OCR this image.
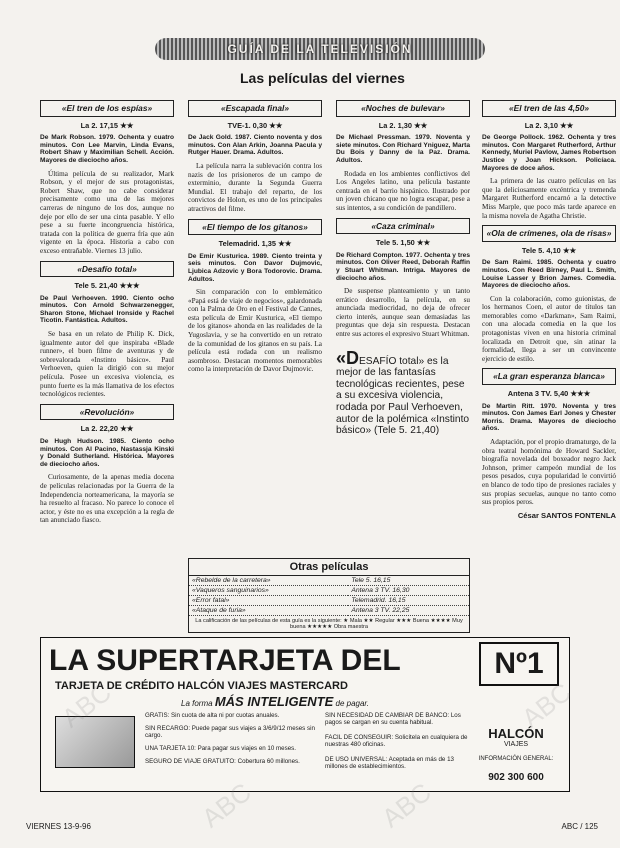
GUÍA DE LA TELEVISIÓN
Las películas del viernes
«El tren de los espías»
La 2. 17,15 ★★
De Mark Robson. 1979. Ochenta y cuatro minutos. Con Lee Marvin, Linda Evans, Robert Shaw y Maximilian Schell. Acción. Mayores de dieciocho años.
Última película de su realizador, Mark Robson, y el mejor de sus protagonistas, Robert Shaw, que no cabe considerar precisamente como una de las mejores carreras de ninguno de los dos, aunque no deje por ello de ser una cinta pasable. Y ello pese a su fuerte incongruencia histórica, tratada con la política de guerra fría que aún vigente en la época. Historia a cabo con exceso entrañable. Viernes 13 julio.
«Desafío total»
Tele 5. 21,40 ★★★
De Paul Verhoeven. 1990. Ciento ocho minutos. Con Arnold Schwarzenegger, Sharon Stone, Michael Ironside y Rachel Ticotin. Fantástica. Adultos.
Se basa en un relato de Philip K. Dick, igualmente autor del que inspiraba «Blade runner», el buen filme de aventuras y de sobrevalorada «Instinto básico». Paul Verhoeven, quien la dirigió con su mejor película. Posee un excesiva violencia, es punto fuerte es la más llamativa de los efectos tecnológicos recientes.
«Revolución»
La 2. 22,20 ★★
De Hugh Hudson. 1985. Ciento ocho minutos. Con Al Pacino, Nastassja Kinski y Donald Sutherland. Histórica. Mayores de dieciocho años.
Curiosamente, de la apenas media docena de películas relacionadas por la Guerra de la Independencia norteamericana, la mayoría se ha resuelto al fracaso. No parece lo conoce el actor, y éste no es una excepción a la regla de tan anunciado fiasco.
«Escapada final»
TVE-1. 0,30 ★★
De Jack Gold. 1987. Ciento noventa y dos minutos. Con Alan Arkin, Joanna Pacula y Rutger Hauer. Drama. Adultos.
La película narra la sublevación contra los nazis de los prisioneros de un campo de exterminio, durante la Segunda Guerra Mundial. El trabajo del reparto, de los convictos de Holon, es uno de los principales atractivos del filme.
«El tiempo de los gitanos»
Telemadrid. 1,35 ★★
De Emir Kusturica. 1989. Ciento treinta y seis minutos. Con Davor Dujmovic, Ljubica Adzovic y Bora Todorovic. Drama. Adultos.
Sin comparación con lo emblemático «Papá está de viaje de negocios», galardonada con la Palma de Oro en el Festival de Cannes, esta película de Emir Kusturica, «El tiempo de los gitanos» ahonda en las realidades de la Yugoslavia, y se ha convertido en un retrato de la comunidad de los gitanos en su país. La película está rodada con un realismo asombroso. Destacan momentos memorables como la interpretación de Davor Dujmovic.
«Noches de bulevar»
La 2. 1,30 ★★
De Michael Pressman. 1979. Noventa y siete minutos. Con Richard Yniguez, Marta Du Bois y Danny de la Paz. Drama. Adultos.
Rodada en los ambientes conflictivos del Los Angeles latino, una película bastante centrada en el barrio hispánico. Ilustrado por un joven chicano que no logra escapar, pese a sus intentos, a su condición de pandillero.
«Caza criminal»
Tele 5. 1,50 ★★
De Richard Compton. 1977. Ochenta y tres minutos. Con Oliver Reed, Deborah Raffin y Stuart Whitman. Intriga. Mayores de dieciocho años.
De suspense planteamiento y un tanto errático desarrollo, la película, en su anunciada mediocridad, no deja de ofrecer cierto interés, aunque sean demasiadas las preguntas que deja sin respuesta. Destacan entre sus actores el expresivo Stuart Whitman.
«DESAFÍO total» es la mejor de las fantasías tecnológicas recientes, pese a su excesiva violencia, rodada por Paul Verhoeven, autor de la polémica «Instinto básico» (Tele 5. 21,40)
«El tren de las 4,50»
La 2. 3,10 ★★
De George Pollock. 1962. Ochenta y tres minutos. Con Margaret Rutherford, Arthur Kennedy, Muriel Pavlow, James Robertson Justice y Joan Hickson. Policíaca. Mayores de doce años.
La primera de las cuatro películas en las que la deliciosamente excéntrica y tremenda Margaret Rutherford encarnó a la detective Miss Marple, que poco más tarde aparece en la misma novela de Agatha Christie.
«Ola de crímenes, ola de risas»
Tele 5. 4,10 ★★
De Sam Raimi. 1985. Ochenta y cuatro minutos. Con Reed Birney, Paul L. Smith, Louise Lasser y Brion James. Comedia. Mayores de dieciocho años.
Con la colaboración, como guionistas, de los hermanos Coen, el autor de títulos tan memorables como «Darkman», Sam Raimi, con una alocada comedia en la que los protagonistas viven en una historia criminal localizada en Detroit que, sin atinar la formalidad, llega a ser un convincente ejercicio de estilo.
«La gran esperanza blanca»
Antena 3 TV. 5,40 ★★★
De Martin Ritt. 1970. Noventa y tres minutos. Con James Earl Jones y Chester Morris. Drama. Mayores de dieciocho años.
Adaptación, por el propio dramaturgo, de la obra teatral homónima de Howard Sackler, biografía novelada del boxeador negro Jack Johnson, primer campeón mundial de los pesos pesados, cuya popularidad le convirtió en blanco de todo tipo de presiones raciales y sus propias secuelas, aunque no tanto como sus propios peros.
César SANTOS FONTENLA
Otras películas
«Rebelde de la carretera»	Tele 5. 16,15
«Vaqueros sanguinarios»	Antena 3 TV. 16,30
«Error fatal»	Telemadrid. 16,15
«Ataque de furia»	Antena 3 TV. 22,25
La calificación de las películas de esta guía es la siguiente: ★ Mala ★★ Regular ★★★ Buena ★★★★ Muy buena ★★★★★ Obra maestra
LA SUPERTARJETA DEL	Nº1
TARJETA DE CRÉDITO HALCÓN VIAJES MASTERCARD
La forma MÁS INTELIGENTE de pagar.
GRATIS: Sin cuota de alta ni por cuotas anuales.
SIN RECARGO: Puede pagar sus viajes a 3/6/9/12 meses sin cargo.
UNA TARJETA 10: Para pagar sus viajes en 10 meses.
SEGURO DE VIAJE GRATUITO: Cobertura 60 millones.
SIN NECESIDAD DE CAMBIAR DE BANCO: Los pagos se cargan en su cuenta habitual.
FACIL DE CONSEGUIR: Solicítela en cualquiera de nuestras 480 oficinas.
DE USO UNIVERSAL: Aceptada en más de 13 millones de establecimientos.
HALCÓN
VIAJES
INFORMACIÓN GENERAL:
902 300 600
VIERNES 13-9-96	ABC / 125
ABC	ABC
